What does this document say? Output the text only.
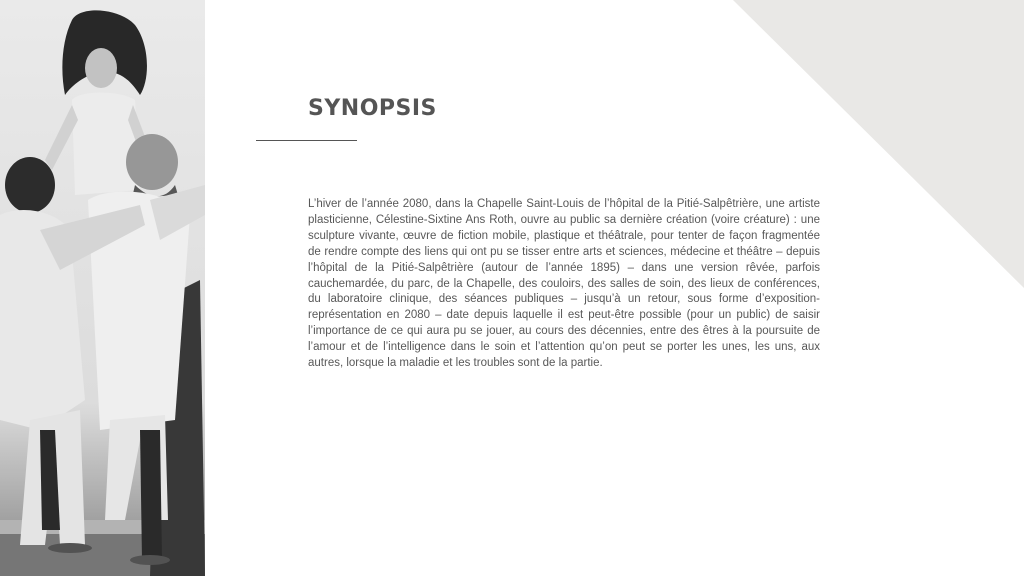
SYNOPSIS

L’hiver de l’année 2080, dans la Chapelle Saint-Louis de l’hôpital de la Pitié-Salpêtrière, une artiste plasticienne, Célestine-Sixtine Ans Roth, ouvre au public sa dernière création (voire créature) : une sculpture vivante, œuvre de fiction mobile, plastique et théâtrale, pour tenter de façon fragmentée de rendre compte des liens qui ont pu se tisser entre arts et sciences, médecine et théâtre – depuis l’hôpital de la Pitié-Salpêtrière (autour de l’année 1895) – dans une version rêvée, parfois cauchemardée, du parc, de la Chapelle, des couloirs, des salles de soin, des lieux de conférences, du laboratoire clinique, des séances publiques – jusqu’à un retour, sous forme d’exposition-représentation en 2080 – date depuis laquelle il est peut-être possible (pour un public) de saisir l’importance de ce qui aura pu se jouer, au cours des décennies, entre des êtres à la poursuite de l’amour et de l’intelligence dans le soin et l’attention qu’on peut se porter les unes, les uns, aux autres, lorsque la maladie et les troubles sont de la partie.
